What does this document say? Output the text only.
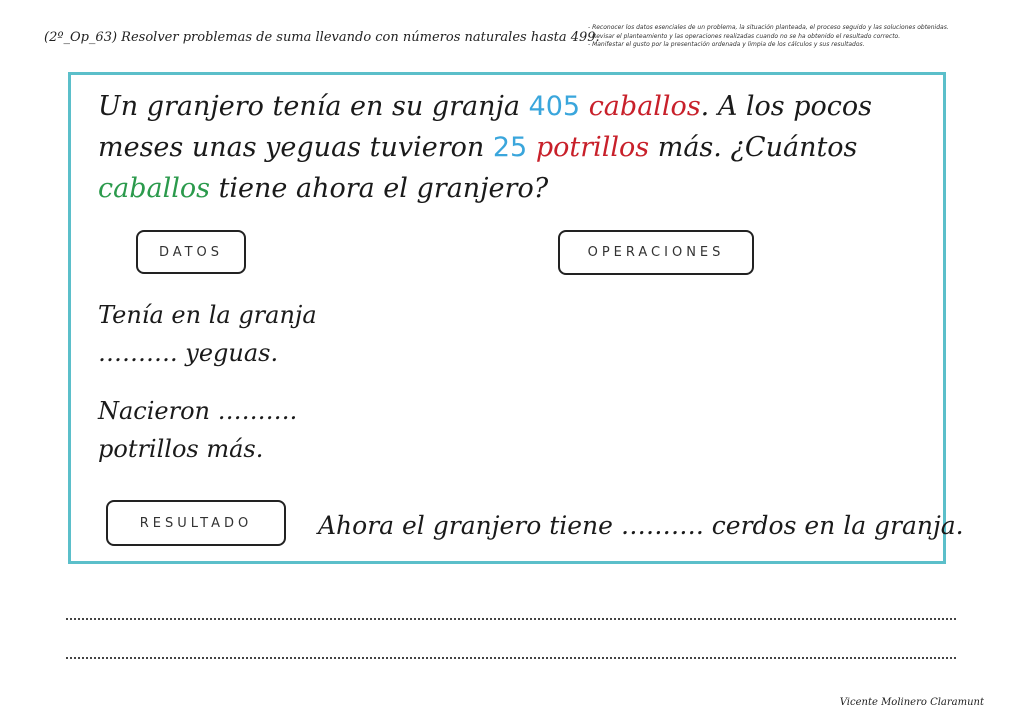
(2º_Op_63) Resolver problemas de suma llevando con números naturales hasta 499.
- Reconocer los datos esenciales de un problema, la situación planteada, el proceso seguido y las soluciones obtenidas.
- Revisar el planteamiento y las operaciones realizadas cuando no se ha obtenido el resultado correcto.
- Manifestar el gusto por la presentación ordenada y limpia de los cálculos y sus resultados.
Un granjero tenía en su granja 405 caballos. A los pocos meses unas yeguas tuvieron 25 potrillos más. ¿Cuántos caballos tiene ahora el granjero?
DATOS	OPERACIONES
Tenía en la granja
………. yeguas.
Nacieron ……….
potrillos más.
RESULTADO	Ahora el granjero tiene ………. cerdos en la granja.
Vicente Molinero Claramunt
